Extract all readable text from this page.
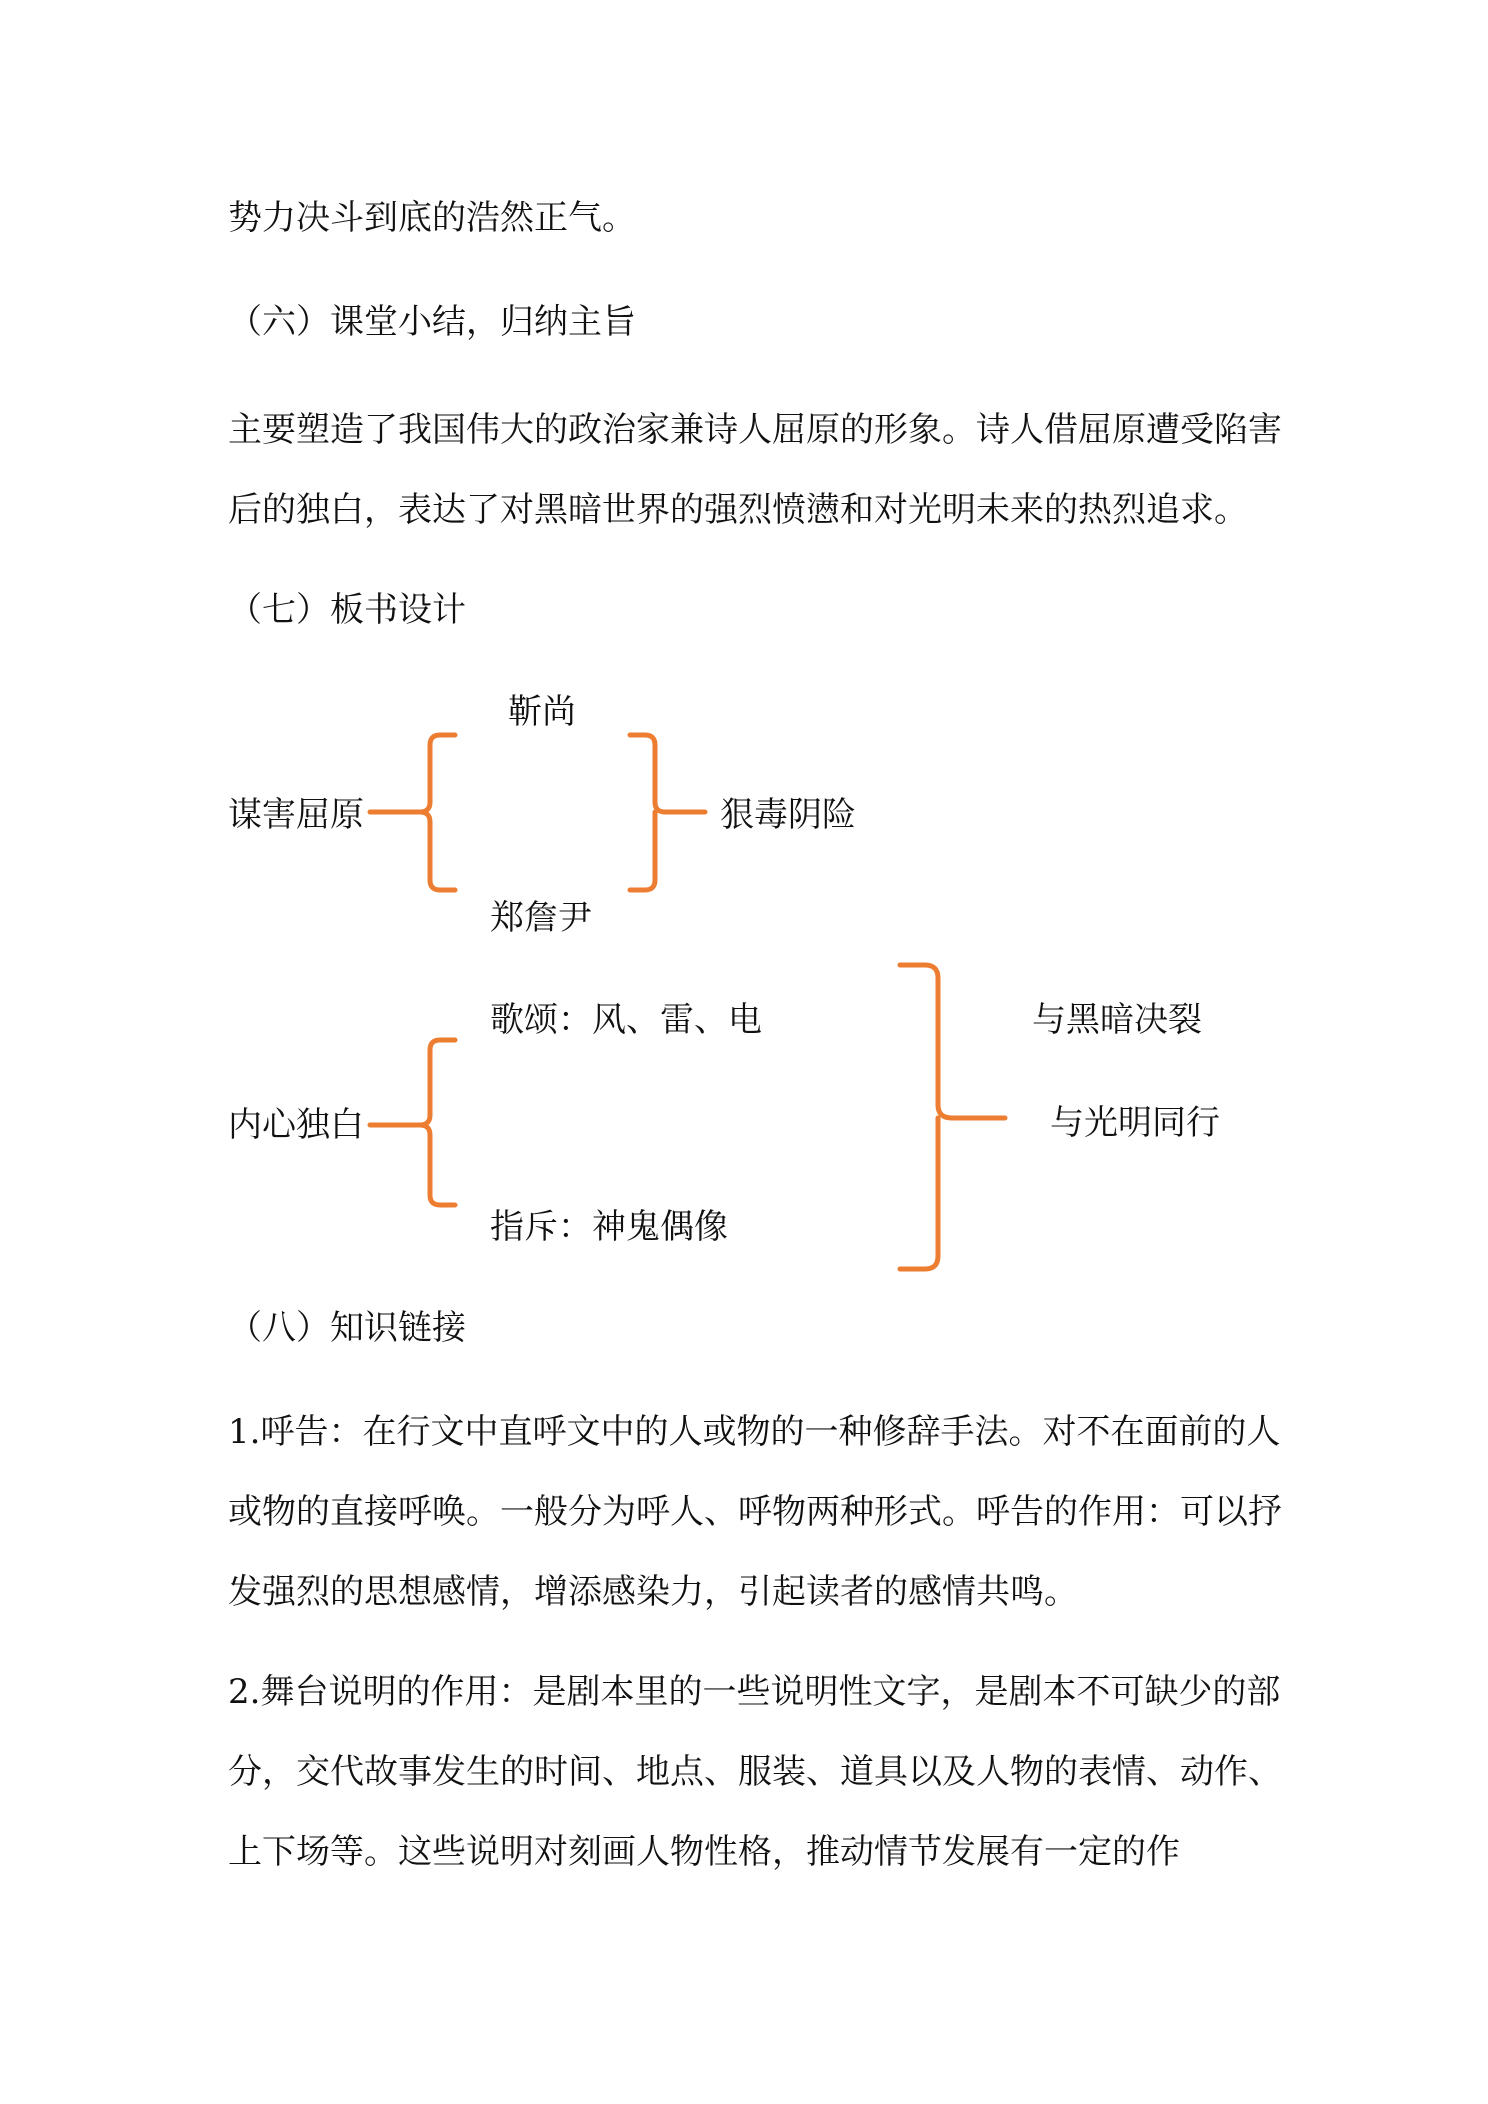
势力决斗到底的浩然正气。
（六）课堂小结，归纳主旨
主要塑造了我国伟大的政治家兼诗人屈原的形象。诗人借屈原遭受陷害后的独白，表达了对黑暗世界的强烈愤懑和对光明未来的热烈追求。
（七）板书设计
靳尚
谋害屈原	狠毒阴险
郑詹尹
歌颂：风、雷、电
内心独白
指斥：神鬼偶像
与黑暗决裂
与光明同行
（八）知识链接
1.呼告：在行文中直呼文中的人或物的一种修辞手法。对不在面前的人或物的直接呼唤。一般分为呼人、呼物两种形式。呼告的作用：可以抒发强烈的思想感情，增添感染力，引起读者的感情共鸣。
2.舞台说明的作用：是剧本里的一些说明性文字，是剧本不可缺少的部分，交代故事发生的时间、地点、服装、道具以及人物的表情、动作、上下场等。这些说明对刻画人物性格，推动情节发展有一定的作
